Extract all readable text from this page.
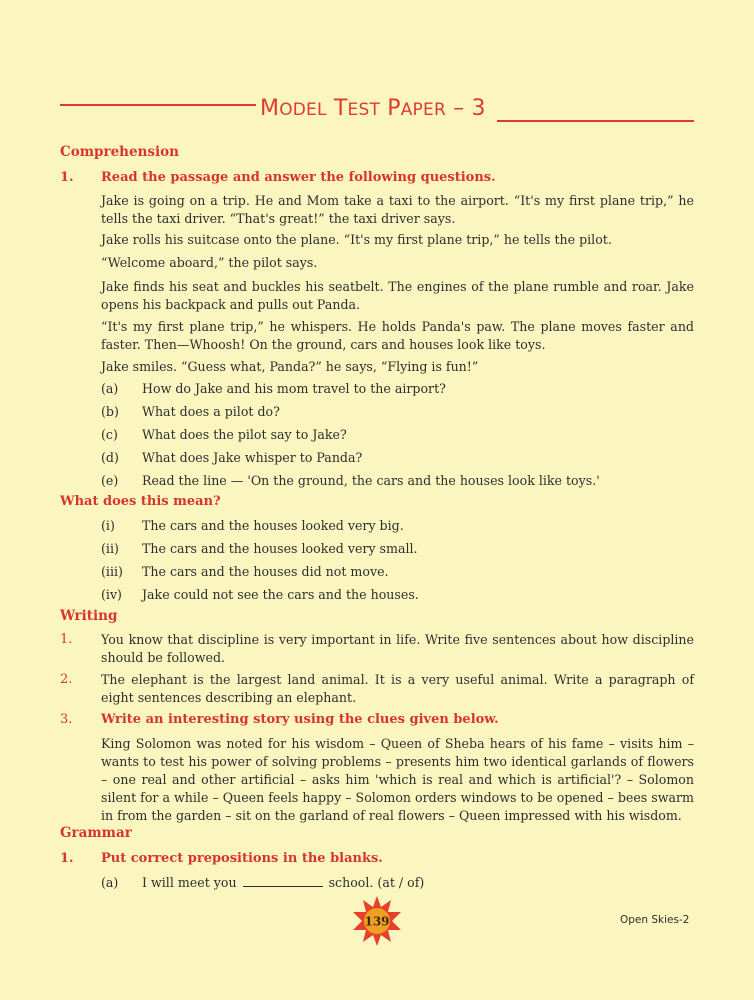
MODEL TEST PAPER – 3
Comprehension
1. Read the passage and answer the following questions.
Jake is going on a trip. He and Mom take a taxi to the airport. “It's my first plane trip,” he tells the taxi driver. “That's great!” the taxi driver says.
Jake rolls his suitcase onto the plane. “It's my first plane trip,” he tells the pilot.
“Welcome aboard,” the pilot says.
Jake finds his seat and buckles his seatbelt. The engines of the plane rumble and roar. Jake opens his backpack and pulls out Panda.
“It's my first plane trip,” he whispers. He holds Panda's paw. The plane moves faster and faster. Then—Whoosh! On the ground, cars and houses look like toys.
Jake smiles. “Guess what, Panda?” he says, “Flying is fun!”
(a) How do Jake and his mom travel to the airport?
(b) What does a pilot do?
(c) What does the pilot say to Jake?
(d) What does Jake whisper to Panda?
(e) Read the line — 'On the ground, the cars and the houses look like toys.'
What does this mean?
(i) The cars and the houses looked very big.
(ii) The cars and the houses looked very small.
(iii) The cars and the houses did not move.
(iv) Jake could not see the cars and the houses.
Writing
1. You know that discipline is very important in life. Write five sentences about how discipline should be followed.
2. The elephant is the largest land animal. It is a very useful animal. Write a paragraph of eight sentences describing an elephant.
3. Write an interesting story using the clues given below.
King Solomon was noted for his wisdom – Queen of Sheba hears of his fame – visits him – wants to test his power of solving problems – presents him two identical garlands of flowers – one real and other artificial – asks him 'which is real and which is artificial'? – Solomon silent for a while – Queen feels happy – Solomon orders windows to be opened – bees swarm in from the garden – sit on the garland of real flowers – Queen impressed with his wisdom.
Grammar
1. Put correct prepositions in the blanks.
(a) I will meet you	school. (at / of)
139	Open Skies-2
